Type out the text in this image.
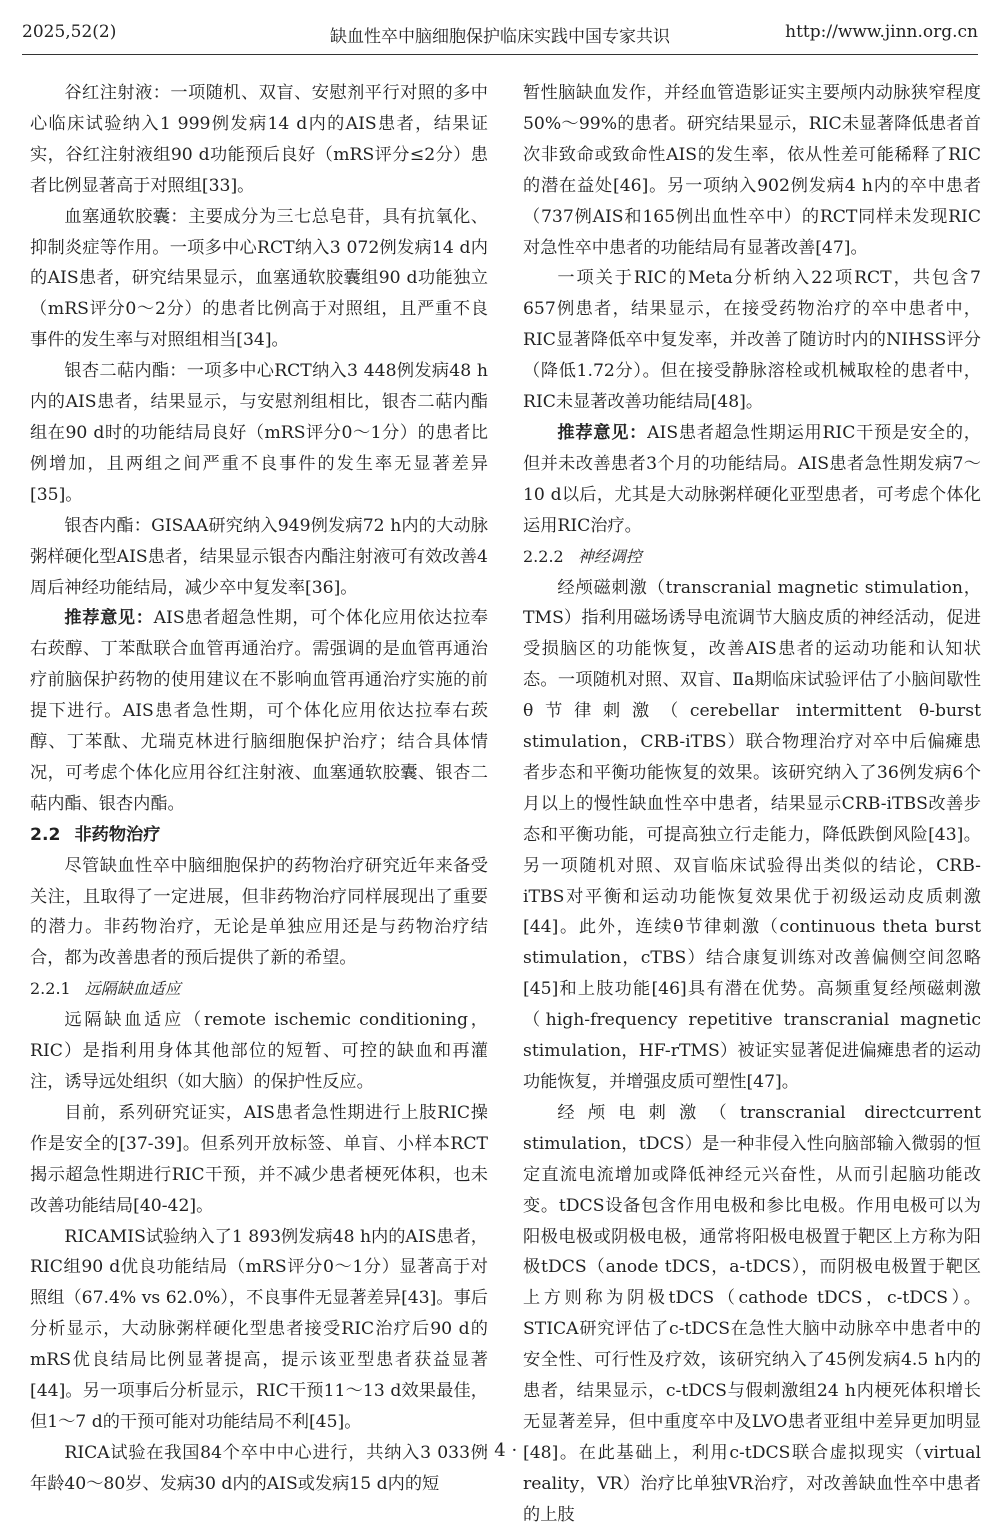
2025,52(2)	缺血性卒中脑细胞保护临床实践中国专家共识	http://www.jinn.org.cn

谷红注射液：一项随机、双盲、安慰剂平行对照的多中心临床试验纳入1 999例发病14 d内的AIS患者，结果证实，谷红注射液组90 d功能预后良好（mRS评分≤2分）患者比例显著高于对照组[33]。

血塞通软胶囊：主要成分为三七总皂苷，具有抗氧化、抑制炎症等作用。一项多中心RCT纳入3 072例发病14 d内的AIS患者，研究结果显示，血塞通软胶囊组90 d功能独立（mRS评分0～2分）的患者比例高于对照组，且严重不良事件的发生率与对照组相当[34]。

银杏二萜内酯：一项多中心RCT纳入3 448例发病48 h内的AIS患者，结果显示，与安慰剂组相比，银杏二萜内酯组在90 d时的功能结局良好（mRS评分0～1分）的患者比例增加，且两组之间严重不良事件的发生率无显著差异[35]。

银杏内酯：GISAA研究纳入949例发病72 h内的大动脉粥样硬化型AIS患者，结果显示银杏内酯注射液可有效改善4周后神经功能结局，减少卒中复发率[36]。

推荐意见：AIS患者超急性期，可个体化应用依达拉奉右莰醇、丁苯酞联合血管再通治疗。需强调的是血管再通治疗前脑保护药物的使用建议在不影响血管再通治疗实施的前提下进行。AIS患者急性期，可个体化应用依达拉奉右莰醇、丁苯酞、尤瑞克林进行脑细胞保护治疗；结合具体情况，可考虑个体化应用谷红注射液、血塞通软胶囊、银杏二萜内酯、银杏内酯。

2.2 非药物治疗

尽管缺血性卒中脑细胞保护的药物治疗研究近年来备受关注，且取得了一定进展，但非药物治疗同样展现出了重要的潜力。非药物治疗，无论是单独应用还是与药物治疗结合，都为改善患者的预后提供了新的希望。

2.2.1 远隔缺血适应

远隔缺血适应（remote ischemic conditioning，RIC）是指利用身体其他部位的短暂、可控的缺血和再灌注，诱导远处组织（如大脑）的保护性反应。

目前，系列研究证实，AIS患者急性期进行上肢RIC操作是安全的[37-39]。但系列开放标签、单盲、小样本RCT揭示超急性期进行RIC干预，并不减少患者梗死体积，也未改善功能结局[40-42]。

RICAMIS试验纳入了1 893例发病48 h内的AIS患者，RIC组90 d优良功能结局（mRS评分0～1分）显著高于对照组（67.4% vs 62.0%），不良事件无显著差异[43]。事后分析显示，大动脉粥样硬化型患者接受RIC治疗后90 d的mRS优良结局比例显著提高，提示该亚型患者获益显著[44]。另一项事后分析显示，RIC干预11～13 d效果最佳，但1～7 d的干预可能对功能结局不利[45]。

RICA试验在我国84个卒中中心进行，共纳入3 033例年龄40～80岁、发病30 d内的AIS或发病15 d内的短

暂性脑缺血发作，并经血管造影证实主要颅内动脉狭窄程度50%～99%的患者。研究结果显示，RIC未显著降低患者首次非致命或致命性AIS的发生率，依从性差可能稀释了RIC的潜在益处[46]。另一项纳入902例发病4 h内的卒中患者（737例AIS和165例出血性卒中）的RCT同样未发现RIC对急性卒中患者的功能结局有显著改善[47]。

一项关于RIC的Meta分析纳入22项RCT，共包含7 657例患者，结果显示，在接受药物治疗的卒中患者中，RIC显著降低卒中复发率，并改善了随访时内的NIHSS评分（降低1.72分）。但在接受静脉溶栓或机械取栓的患者中，RIC未显著改善功能结局[48]。

推荐意见：AIS患者超急性期运用RIC干预是安全的，但并未改善患者3个月的功能结局。AIS患者急性期发病7～10 d以后，尤其是大动脉粥样硬化亚型患者，可考虑个体化运用RIC治疗。

2.2.2 神经调控

经颅磁刺激（transcranial magnetic stimulation，TMS）指利用磁场诱导电流调节大脑皮质的神经活动，促进受损脑区的功能恢复，改善AIS患者的运动功能和认知状态。一项随机对照、双盲、Ⅱa期临床试验评估了小脑间歇性θ节律刺激（cerebellar intermittent θ-burst stimulation，CRB-iTBS）联合物理治疗对卒中后偏瘫患者步态和平衡功能恢复的效果。该研究纳入了36例发病6个月以上的慢性缺血性卒中患者，结果显示CRB-iTBS改善步态和平衡功能，可提高独立行走能力，降低跌倒风险[43]。另一项随机对照、双盲临床试验得出类似的结论，CRB-iTBS对平衡和运动功能恢复效果优于初级运动皮质刺激[44]。此外，连续θ节律刺激（continuous theta burst stimulation，cTBS）结合康复训练对改善偏侧空间忽略[45]和上肢功能[46]具有潜在优势。高频重复经颅磁刺激（high-frequency repetitive transcranial magnetic stimulation，HF-rTMS）被证实显著促进偏瘫患者的运动功能恢复，并增强皮质可塑性[47]。

经颅电刺激（transcranial directcurrent stimulation，tDCS）是一种非侵入性向脑部输入微弱的恒定直流电流增加或降低神经元兴奋性，从而引起脑功能改变。tDCS设备包含作用电极和参比电极。作用电极可以为阳极电极或阴极电极，通常将阳极电极置于靶区上方称为阳极tDCS（anode tDCS，a-tDCS），而阴极电极置于靶区上方则称为阴极tDCS（cathode tDCS，c-tDCS）。STICA研究评估了c-tDCS在急性大脑中动脉卒中患者中的安全性、可行性及疗效，该研究纳入了45例发病4.5 h内的患者，结果显示，c-tDCS与假刺激组24 h内梗死体积增长无显著差异，但中重度卒中及LVO患者亚组中差异更加明显[48]。在此基础上，利用c-tDCS联合虚拟现实（virtual reality，VR）治疗比单独VR治疗，对改善缺血性卒中患者的上肢

· 4 ·
